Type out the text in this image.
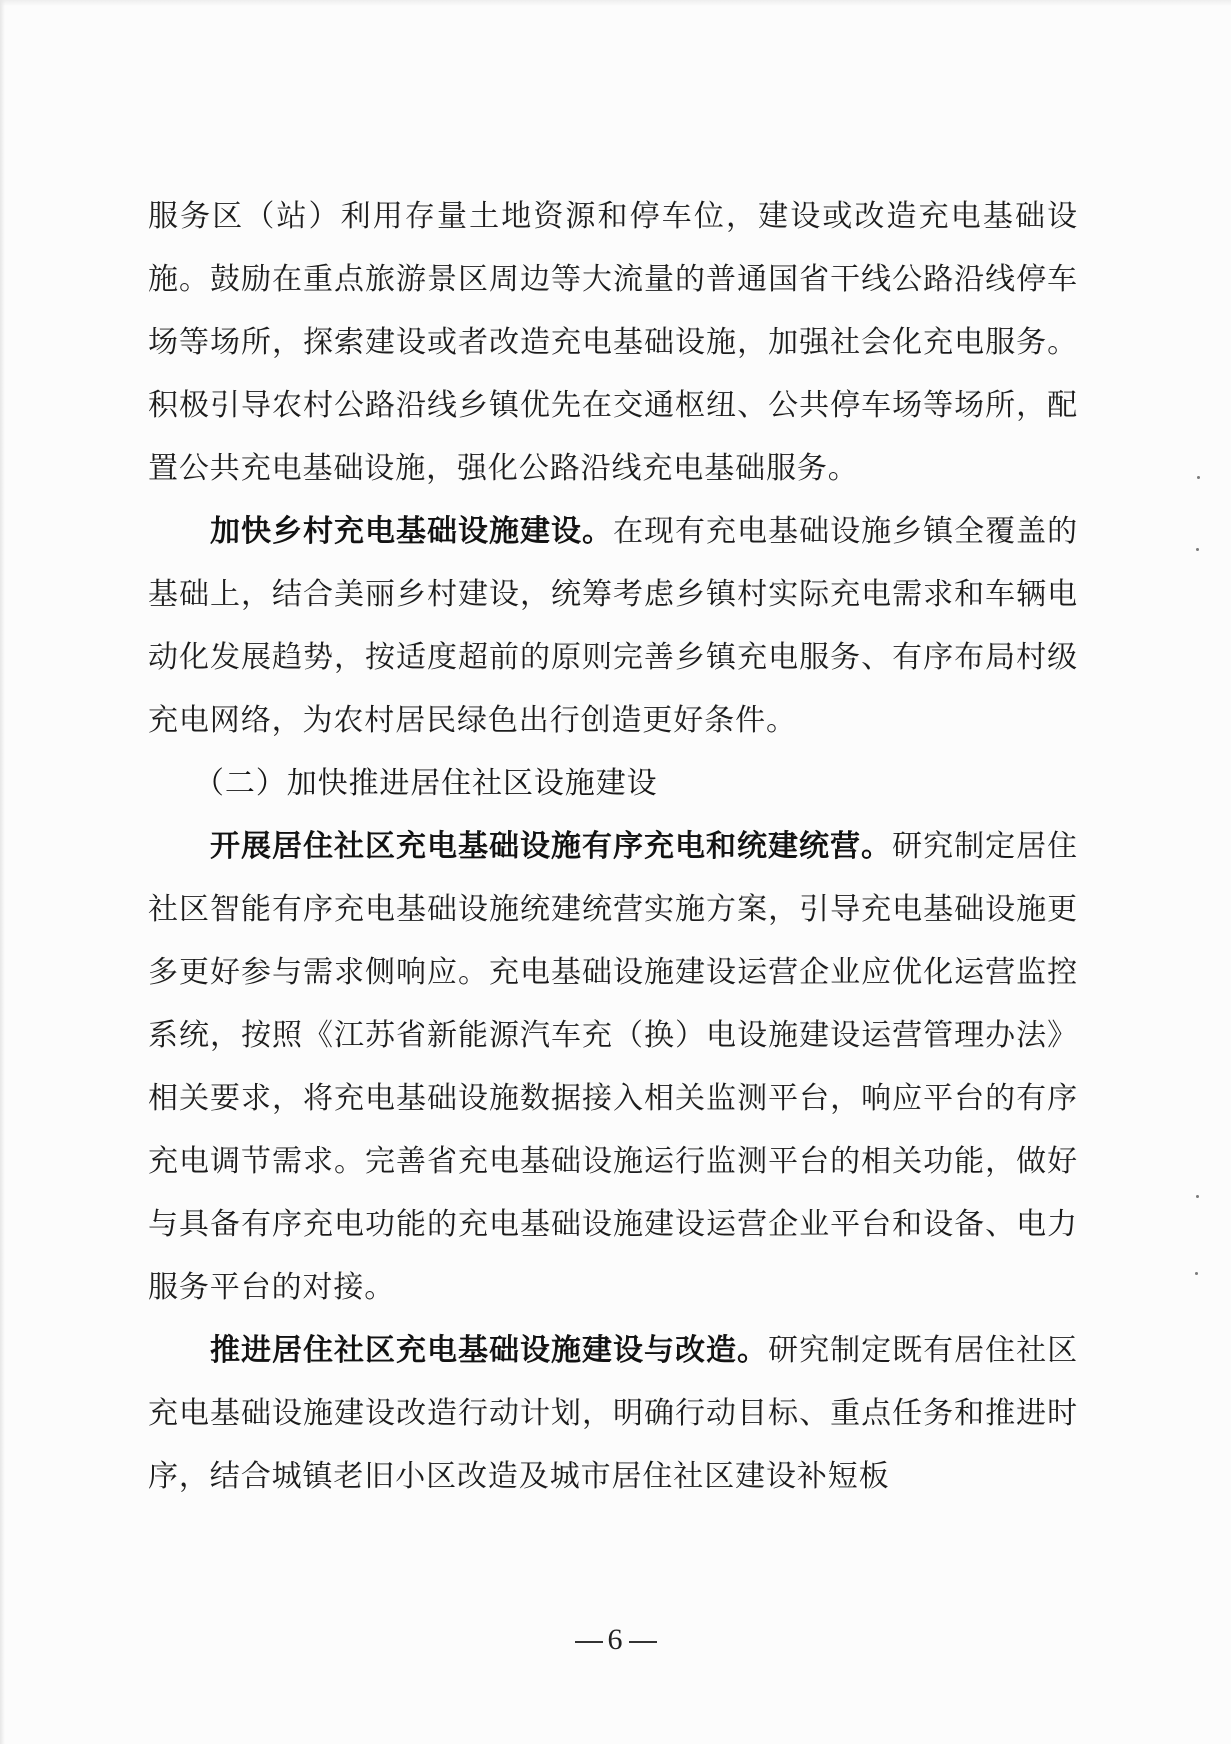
服务区（站）利用存量土地资源和停车位，建设或改造充电基础设施。鼓励在重点旅游景区周边等大流量的普通国省干线公路沿线停车场等场所，探索建设或者改造充电基础设施，加强社会化充电服务。积极引导农村公路沿线乡镇优先在交通枢纽、公共停车场等场所，配置公共充电基础设施，强化公路沿线充电基础服务。

加快乡村充电基础设施建设。在现有充电基础设施乡镇全覆盖的基础上，结合美丽乡村建设，统筹考虑乡镇村实际充电需求和车辆电动化发展趋势，按适度超前的原则完善乡镇充电服务、有序布局村级充电网络，为农村居民绿色出行创造更好条件。

（二）加快推进居住社区设施建设

开展居住社区充电基础设施有序充电和统建统营。研究制定居住社区智能有序充电基础设施统建统营实施方案，引导充电基础设施更多更好参与需求侧响应。充电基础设施建设运营企业应优化运营监控系统，按照《江苏省新能源汽车充（换）电设施建设运营管理办法》相关要求，将充电基础设施数据接入相关监测平台，响应平台的有序充电调节需求。完善省充电基础设施运行监测平台的相关功能，做好与具备有序充电功能的充电基础设施建设运营企业平台和设备、电力服务平台的对接。

推进居住社区充电基础设施建设与改造。研究制定既有居住社区充电基础设施建设改造行动计划，明确行动目标、重点任务和推进时序，结合城镇老旧小区改造及城市居住社区建设补短板

6
